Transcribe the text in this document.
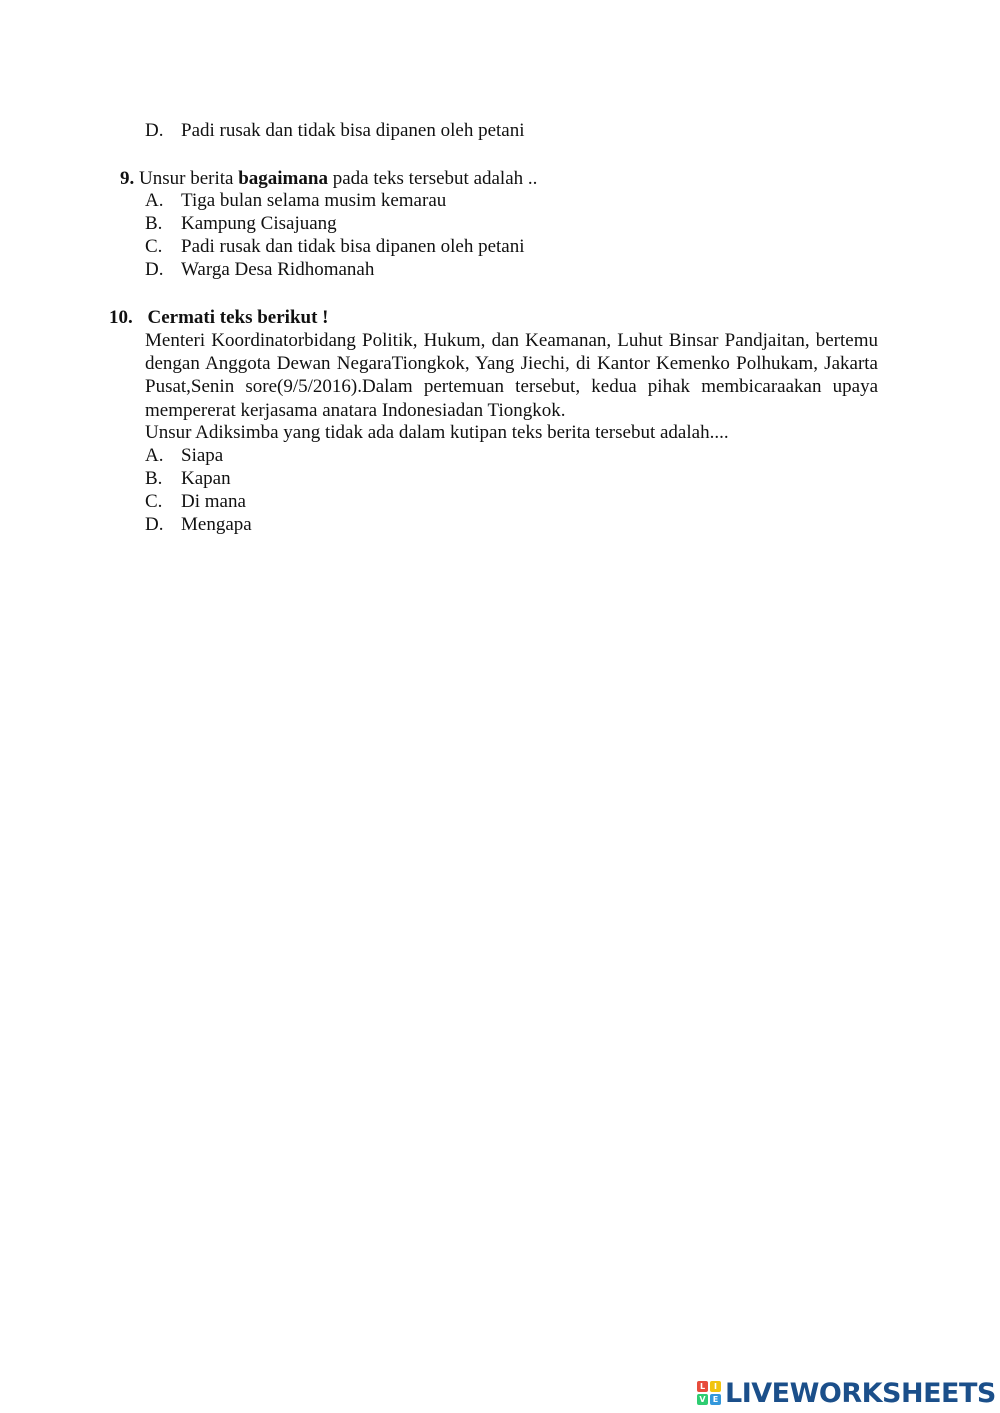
D. Padi rusak dan tidak bisa dipanen oleh petani
9. Unsur berita bagaimana pada teks tersebut adalah ..
A. Tiga bulan selama musim kemarau
B. Kampung Cisajuang
C. Padi rusak dan tidak bisa dipanen oleh petani
D. Warga Desa Ridhomanah
10. Cermati teks berikut !
Menteri Koordinatorbidang Politik, Hukum, dan Keamanan, Luhut Binsar Pandjaitan, bertemu dengan Anggota Dewan NegaraTiongkok, Yang Jiechi, di Kantor Kemenko Polhukam, Jakarta Pusat,Senin sore(9/5/2016).Dalam pertemuan tersebut, kedua pihak membicaraakan upaya mempererat kerjasama anatara Indonesiadan Tiongkok.
Unsur Adiksimba yang tidak ada dalam kutipan teks berita tersebut adalah....
A. Siapa
B. Kapan
C. Di mana
D. Mengapa
L	I
V E LIVEWORKSHEETS
